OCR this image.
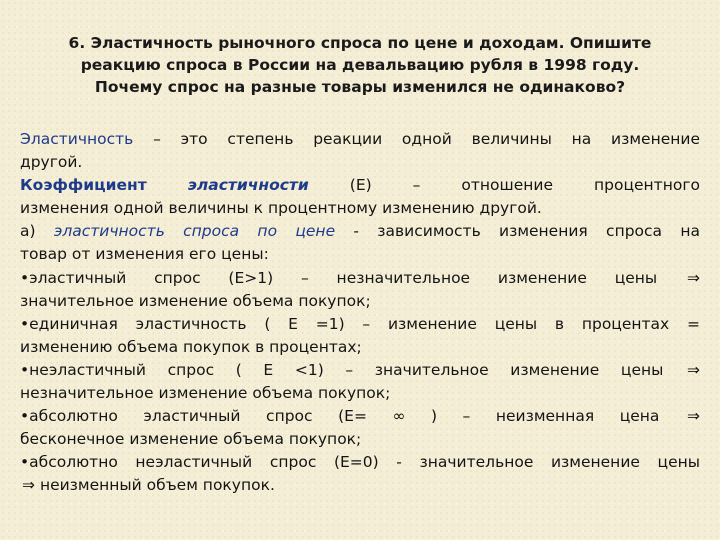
6. Эластичность рыночного спроса по цене и доходам. Опишите
реакцию спроса в России на девальвацию рубля в 1998 году.
Почему спрос на разные товары изменился не одинаково?
Эластичность – это степень реакции одной величины на изменение
другой.
Коэффициент	эластичности	(Е)	–	отношение	процентного
изменения одной величины к процентному изменению другой.
а) эластичность спроса по цене - зависимость изменения спроса на
товар от изменения его цены:
•эластичный спрос (Е>1) – незначительное изменение цены ⇒
значительное изменение объема покупок;
•единичная эластичность ( Е =1) – изменение цены в процентах =
изменению объема покупок в процентах;
•неэластичный спрос ( Е <1) – значительное изменение цены ⇒
незначительное изменение объема покупок;
•абсолютно эластичный спрос (Е= ∞ ) – неизменная цена ⇒
бесконечное изменение объема покупок;
•абсолютно неэластичный спрос (Е=0) - значительное изменение цены
⇒ неизменный объем покупок.
